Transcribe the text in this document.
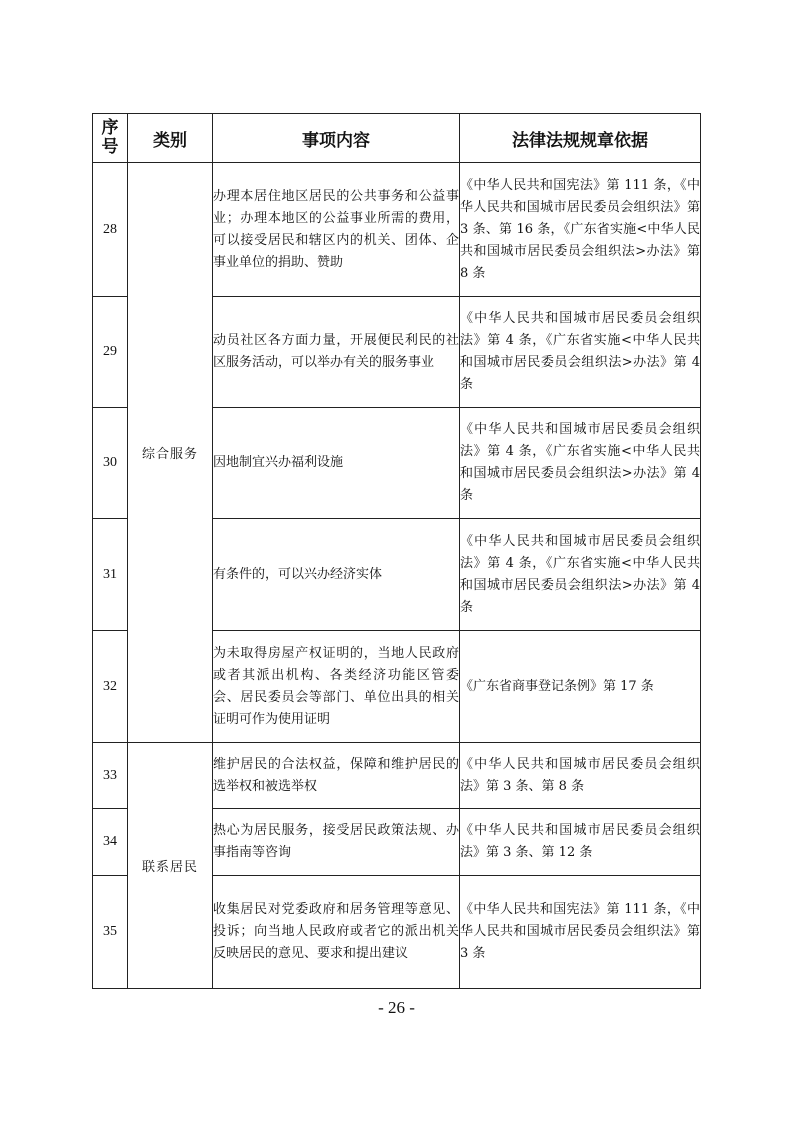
序
号	类别	事项内容	法律法规规章依据
28	综合服务	办理本居住地区居民的公共事务和公益事业；办理本地区的公益事业所需的费用，可以接受居民和辖区内的机关、团体、企事业单位的捐助、赞助	《中华人民共和国宪法》第 111 条，《中华人民共和国城市居民委员会组织法》第 3 条、第 16 条，《广东省实施<中华人民共和国城市居民委员会组织法>办法》第 8 条
29		动员社区各方面力量，开展便民利民的社区服务活动，可以举办有关的服务事业	《中华人民共和国城市居民委员会组织法》第 4 条，《广东省实施<中华人民共和国城市居民委员会组织法>办法》第 4 条
30		因地制宜兴办福利设施	《中华人民共和国城市居民委员会组织法》第 4 条，《广东省实施<中华人民共和国城市居民委员会组织法>办法》第 4 条
31		有条件的，可以兴办经济实体	《中华人民共和国城市居民委员会组织法》第 4 条，《广东省实施<中华人民共和国城市居民委员会组织法>办法》第 4 条
32		为未取得房屋产权证明的，当地人民政府或者其派出机构、各类经济功能区管委会、居民委员会等部门、单位出具的相关证明可作为使用证明	《广东省商事登记条例》第 17 条
33	联系居民	维护居民的合法权益，保障和维护居民的选举权和被选举权	《中华人民共和国城市居民委员会组织法》第 3 条、第 8 条
34		热心为居民服务，接受居民政策法规、办事指南等咨询	《中华人民共和国城市居民委员会组织法》第 3 条、第 12 条
35		收集居民对党委政府和居务管理等意见、投诉；向当地人民政府或者它的派出机关反映居民的意见、要求和提出建议	《中华人民共和国宪法》第 111 条，《中华人民共和国城市居民委员会组织法》第 3 条
- 26 -
